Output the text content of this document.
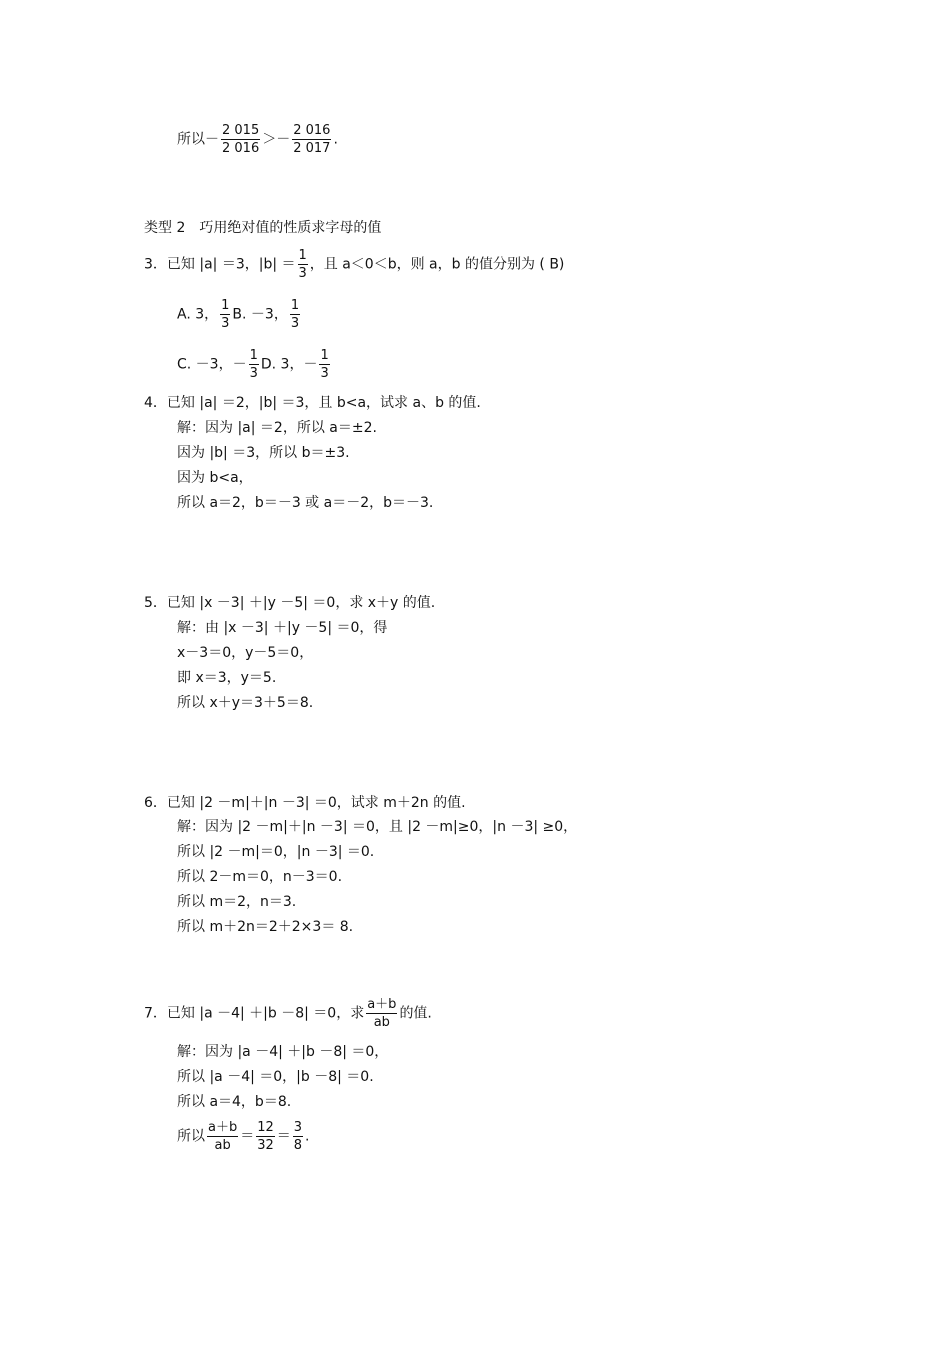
所以－ $\frac{2 015}{2 016} >- \frac{2 016}{2 017}$ .
类型 2　巧用绝对值的性质求字母的值
3．已知 |a| ＝3，$|b| = \frac{1}{3}$ ，且 a＜0＜b，则 a，b 的值分别为 ( B)
A. 3， $\frac{1}{3} B$. －3， $\frac{1}{3}$
C. －3，－ $\frac{1}{3} D$. 3，－ $\frac{1}{3}$
4．已知 |a| ＝2，|b| ＝3，且 b<a，试求 a、b 的值.
解：因为 |a| ＝2，所以 a＝±2.
因为 |b| ＝3，所以 b＝±3.
因为 b<a，
所以 a＝2，b＝－3 或 a＝－2，b＝－3.
5．已知 |x －3| ＋|y －5| ＝0，求 x＋y 的值.
解：由 |x －3| ＋|y －5| ＝0，得
x－3＝0，y－5＝0，
即 x＝3，y＝5.
所以 x＋y＝3＋5＝8.
6．已知 |2 －m|＋|n －3| ＝0，试求 m＋2n 的值.
解：因为 |2 －m|＋|n －3| ＝0，且 |2 －m|≥0，|n －3| ≥0，
所以 |2 －m|＝0，|n －3| ＝0.
所以 2－m＝0，n－3＝0.
所以 m＝2，n＝3.
所以 m＋2n＝2＋2×3＝ 8.
7．已知 |a －4| ＋|b －8| ＝0，求 $\frac{a+b}{ab}$ 的值.
解：因为 |a －4| ＋|b －8| ＝0，
所以 |a －4| ＝0，|b －8| ＝0.
所以 a＝4，b＝8.
所以 $\frac{a+b}{ab} = \frac{12}{32} = \frac{3}{8}$ .
